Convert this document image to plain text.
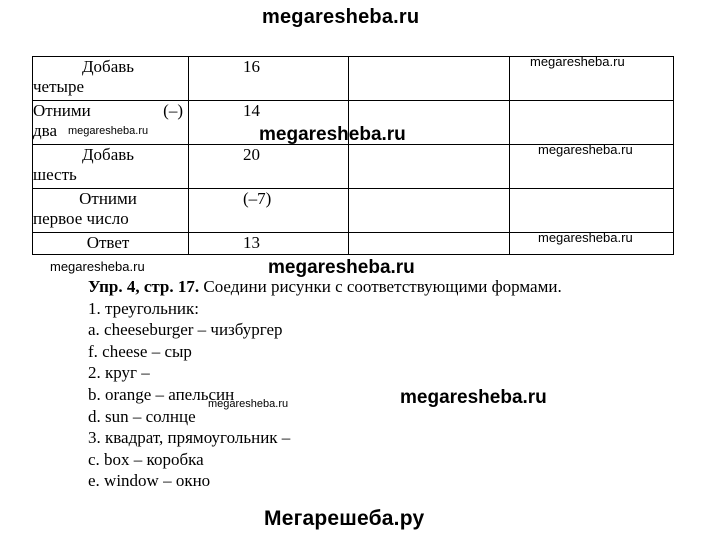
megaresheba.ru
Добавь
четыре	16		

Отними (–)
два	14		

Добавь
шесть	20		

Отними
первое число	(–7)		

Ответ	13		
megaresheba.ru
megaresheba.ru	megaresheba.ru
megaresheba.ru
megaresheba.ru
megaresheba.ru	megaresheba.ru
Упр. 4, стр. 17. Соедини рисунки с соответствующими формами.
1. треугольник:
a. cheeseburger – чизбургер
f. cheese – сыр
2. круг –
b. orange – апельсин
d. sun – солнце
3. квадрат, прямоугольник –
c. box – коробка
e. window – окно
megaresheba.ru	megaresheba.ru
Мегарешеба.ру
